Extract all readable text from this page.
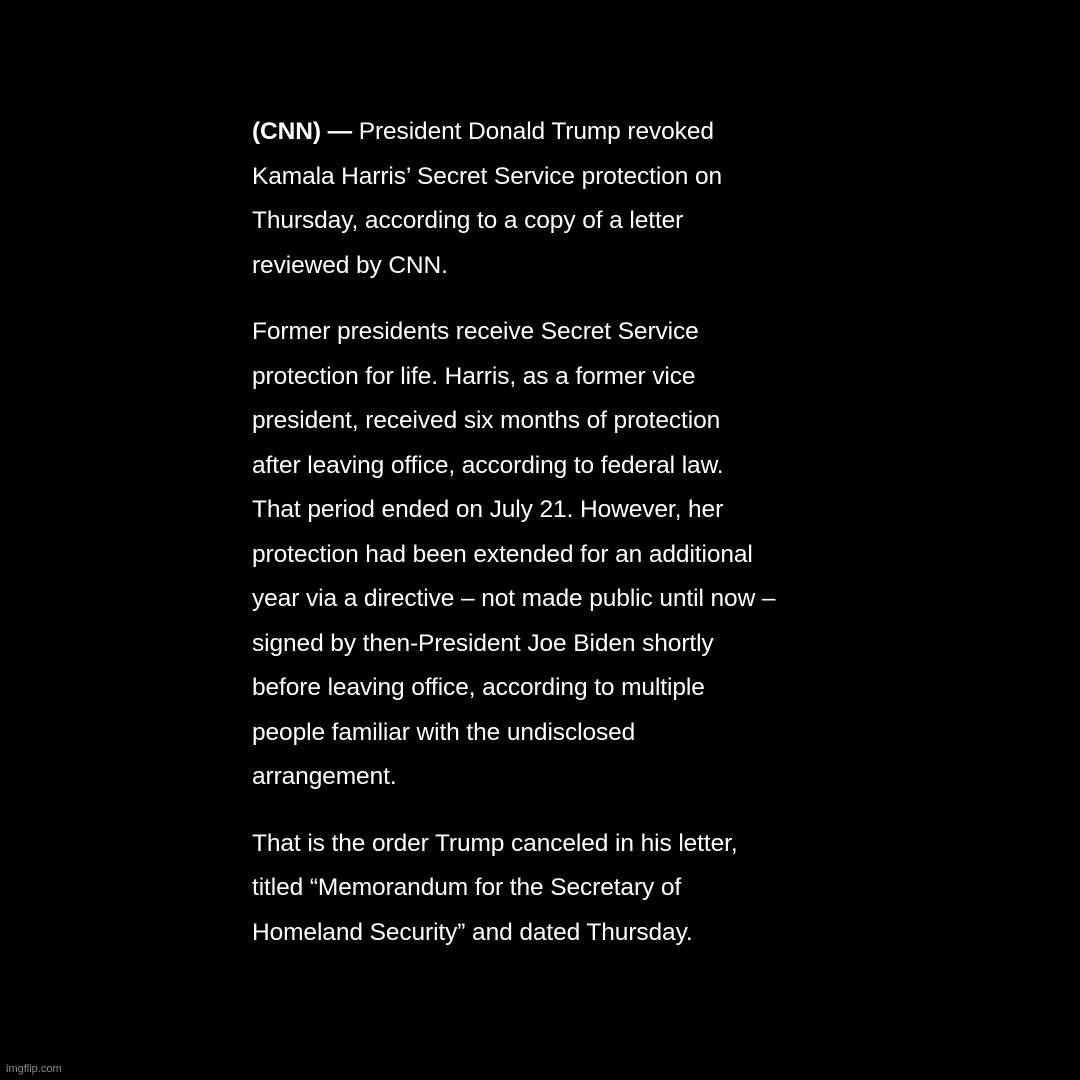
(CNN) — President Donald Trump revoked
Kamala Harris’ Secret Service protection on
Thursday, according to a copy of a letter
reviewed by CNN.

Former presidents receive Secret Service
protection for life. Harris, as a former vice
president, received six months of protection
after leaving office, according to federal law.
That period ended on July 21. However, her
protection had been extended for an additional
year via a directive – not made public until now –
signed by then-President Joe Biden shortly
before leaving office, according to multiple
people familiar with the undisclosed
arrangement.

That is the order Trump canceled in his letter,
titled “Memorandum for the Secretary of
Homeland Security” and dated Thursday.

imgflip.com
